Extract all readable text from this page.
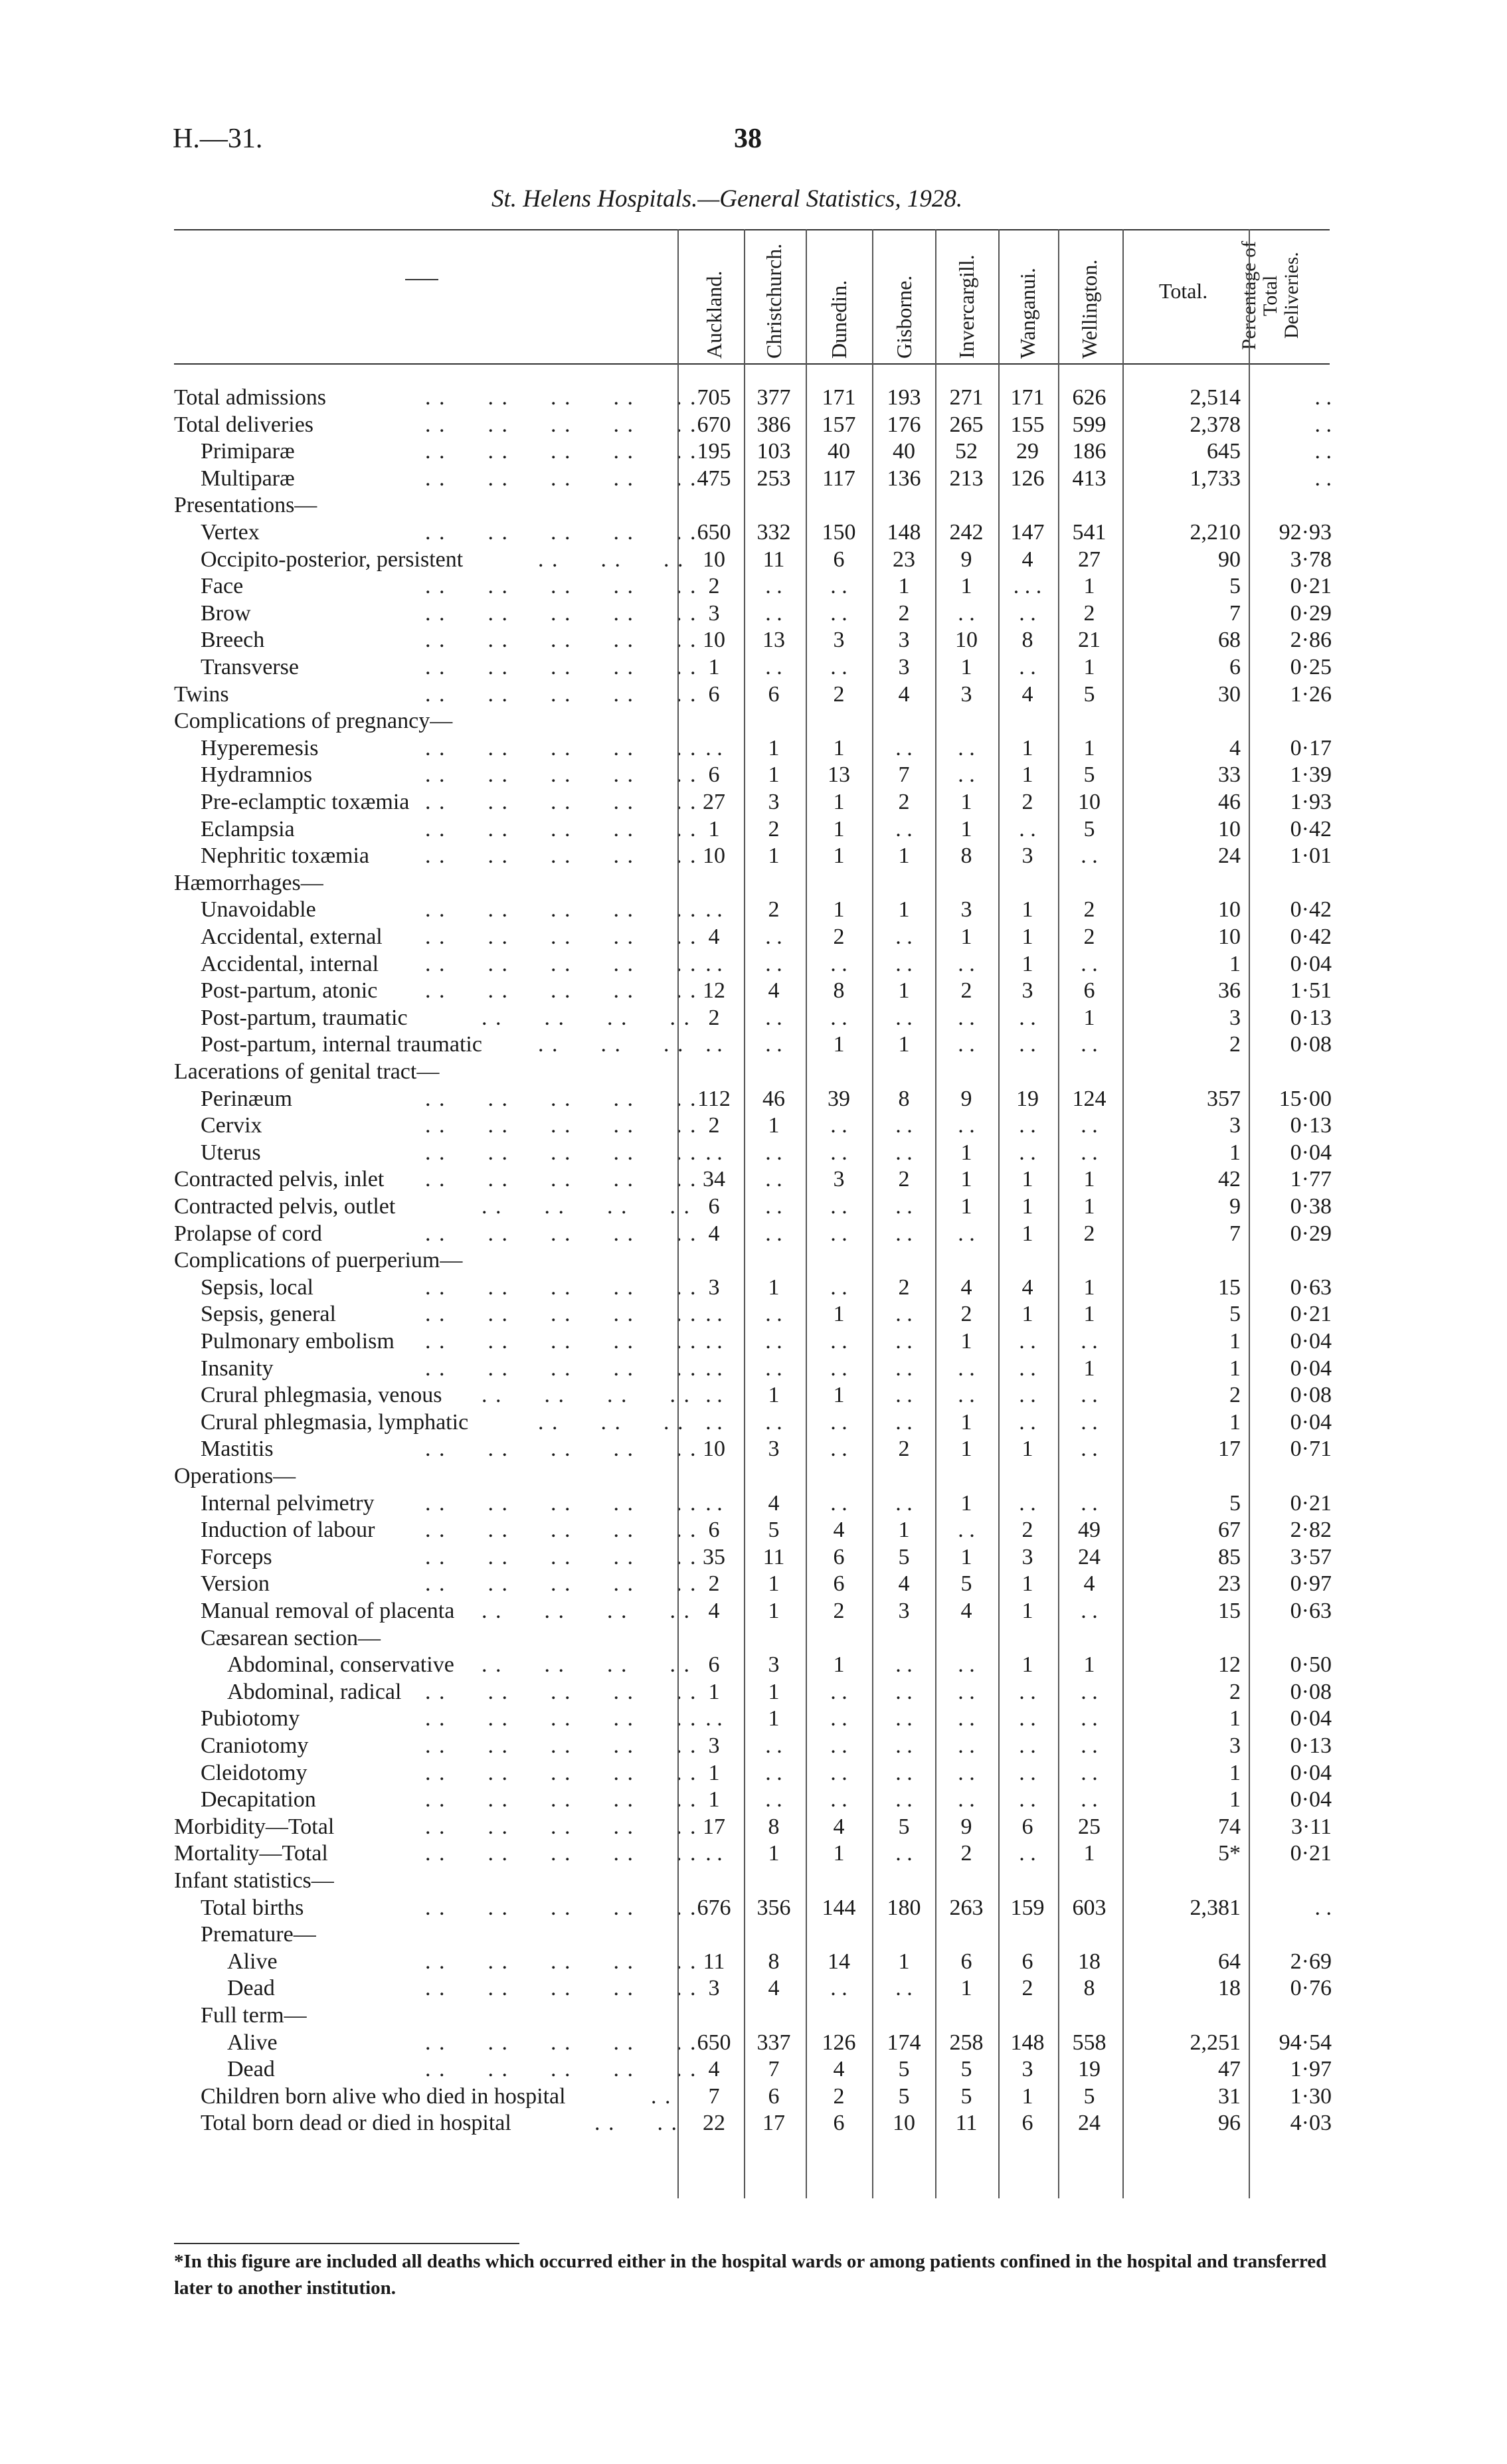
H.—31.	38
St. Helens Hospitals.—General Statistics, 1928.
Auckland. Christchurch. Dunedin. Gisborne. Invercargill. Wanganui. Wellington.	Total. Percentage of Total Deliveries.
Total admissions	. .      . .      . .      . .      . . 705	377	171	193	271	171	626	2,514	. .
Total deliveries	. .      . .      . .      . .      . . 670	386	157	176	265	155	599	2,378	. .
Primiparæ	. .      . .      . .      . .      . . 195	103	40	40	52	29	186	645	. .
Multiparæ	. .      . .      . .      . .      . . 475	253	117	136	213	126	413	1,733	. .
Presentations—
Vertex	. .      . .      . .      . .      . . 650	332	150	148	242	147	541	2,210	92·93
Occipito-posterior, persistent	. .      . .      . . 10	11	6	23	9	4	27	90	3·78
Face	. .      . .      . .      . .      . . 2	. .	. .	1	1	. . .	1	5	0·21
Brow	. .      . .      . .      . .      . . 3	. .	. .	2	. .	. .	2	7	0·29
Breech	. .      . .      . .      . .      . . 10	13	3	3	10	8	21	68	2·86
Transverse	. .      . .      . .      . .      . . 1	. .	. .	3	1	. .	1	6	0·25
Twins	. .      . .      . .      . .      . . 6	6	2	4	3	4	5	30	1·26
Complications of pregnancy—
Hyperemesis	. .      . .      . .      . .      . . . .	1	1	. .	. .	1	1	4	0·17
Hydramnios	. .      . .      . .      . .      . . 6	1	13	7	. .	1	5	33	1·39
Pre-eclamptic toxæmia . .      . .      . .      . .      . . 27	3	1	2	1	2	10	46	1·93
Eclampsia	. .      . .      . .      . .      . . 1	2	1	. .	1	. .	5	10	0·42
Nephritic toxæmia . .      . .      . .      . .      . . 10	1	1	1	8	3	. .	24	1·01
Hæmorrhages—
Unavoidable	. .      . .      . .      . .      . . . .	2	1	1	3	1	2	10	0·42
Accidental, external . .      . .      . .      . .      . . 4	. .	2	. .	1	1	2	10	0·42
Accidental, internal . .      . .      . .      . .      . . . .	. .	. .	. .	. .	1	. .	1	0·04
Post-partum, atonic . .      . .      . .      . .      . . 12	4	8	1	2	3	6	36	1·51
Post-partum, traumatic	. .      . .      . .      . . 2	. .	. .	. .	. .	. .	1	3	0·13
Post-partum, internal traumatic . .      . .      . . . .	. .	1	1	. .	. .	. .	2	0·08
Lacerations of genital tract—
Perinæum	. .      . .      . .      . .      . . 112	46	39	8	9	19	124	357	15·00
Cervix	. .      . .      . .      . .      . . 2	1	. .	. .	. .	. .	. .	3	0·13
Uterus	. .      . .      . .      . .      . . . .	. .	. .	. .	1	. .	. .	1	0·04
Contracted pelvis, inlet . .      . .      . .      . .      . . 34	. .	3	2	1	1	1	42	1·77
Contracted pelvis, outlet	. .      . .      . .      . . 6	. .	. .	. .	1	1	1	9	0·38
Prolapse of cord	. .      . .      . .      . .      . . 4	. .	. .	. .	. .	1	2	7	0·29
Complications of puerperium—
Sepsis, local	. .      . .      . .      . .      . . 3	1	. .	2	4	4	1	15	0·63
Sepsis, general	. .      . .      . .      . .      . . . .	. .	1	. .	2	1	1	5	0·21
Pulmonary embolism . .      . .      . .      . .      . . . .	. .	. .	. .	1	. .	. .	1	0·04
Insanity	. .      . .      . .      . .      . . . .	. .	. .	. .	. .	. .	1	1	0·04
Crural phlegmasia, venous . .      . .      . .      . . . .	1	1	. .	. .	. .	. .	2	0·08
Crural phlegmasia, lymphatic	. .      . .      . . . .	. .	. .	. .	1	. .	. .	1	0·04
Mastitis	. .      . .      . .      . .      . . 10	3	. .	2	1	1	. .	17	0·71
Operations—
Internal pelvimetry . .      . .      . .      . .      . . . .	4	. .	. .	1	. .	. .	5	0·21
Induction of labour . .      . .      . .      . .      . . 6	5	4	1	. .	2	49	67	2·82
Forceps	. .      . .      . .      . .      . . 35	11	6	5	1	3	24	85	3·57
Version	. .      . .      . .      . .      . . 2	1	6	4	5	1	4	23	0·97
Manual removal of placenta . .      . .      . .      . . 4	1	2	3	4	1	. .	15	0·63
Cæsarean section—
Abdominal, conservative . .      . .      . .      . . 6	3	1	. .	. .	1	1	12	0·50
Abdominal, radical . .      . .      . .      . .      . . 1	1	. .	. .	. .	. .	. .	2	0·08
Pubiotomy	. .      . .      . .      . .      . . . .	1	. .	. .	. .	. .	. .	1	0·04
Craniotomy	. .      . .      . .      . .      . . 3	. .	. .	. .	. .	. .	. .	3	0·13
Cleidotomy	. .      . .      . .      . .      . . 1	. .	. .	. .	. .	. .	. .	1	0·04
Decapitation	. .      . .      . .      . .      . . 1	. .	. .	. .	. .	. .	. .	1	0·04
Morbidity—Total	. .      . .      . .      . .      . . 17	8	4	5	9	6	25	74	3·11
Mortality—Total	. .      . .      . .      . .      . . . .	1	1	. .	2	. .	1	5*	0·21
Infant statistics—
Total births	. .      . .      . .      . .      . . 676	356	144	180	263	159	603	2,381	. .
Premature—
Alive	. .      . .      . .      . .      . . 11	8	14	1	6	6	18	64	2·69
Dead	. .      . .      . .      . .      . . 3	4	. .	. .	1	2	8	18	0·76
Full term—
Alive	. .      . .      . .      . .      . . 650	337	126	174	258	148	558	2,251	94·54
Dead	. .      . .      . .      . .      . . 4	7	4	5	5	3	19	47	1·97
Children born alive who died in hospital	. .	7	6	2	5	5	1	5	31	1·30
Total born dead or died in hospital	. .      . .	22	17	6	10	11	6	24	96	4·03
*In this figure are included all deaths which occurred either in the hospital wards or among patients confined in the hospital and transferred later to another institution.
